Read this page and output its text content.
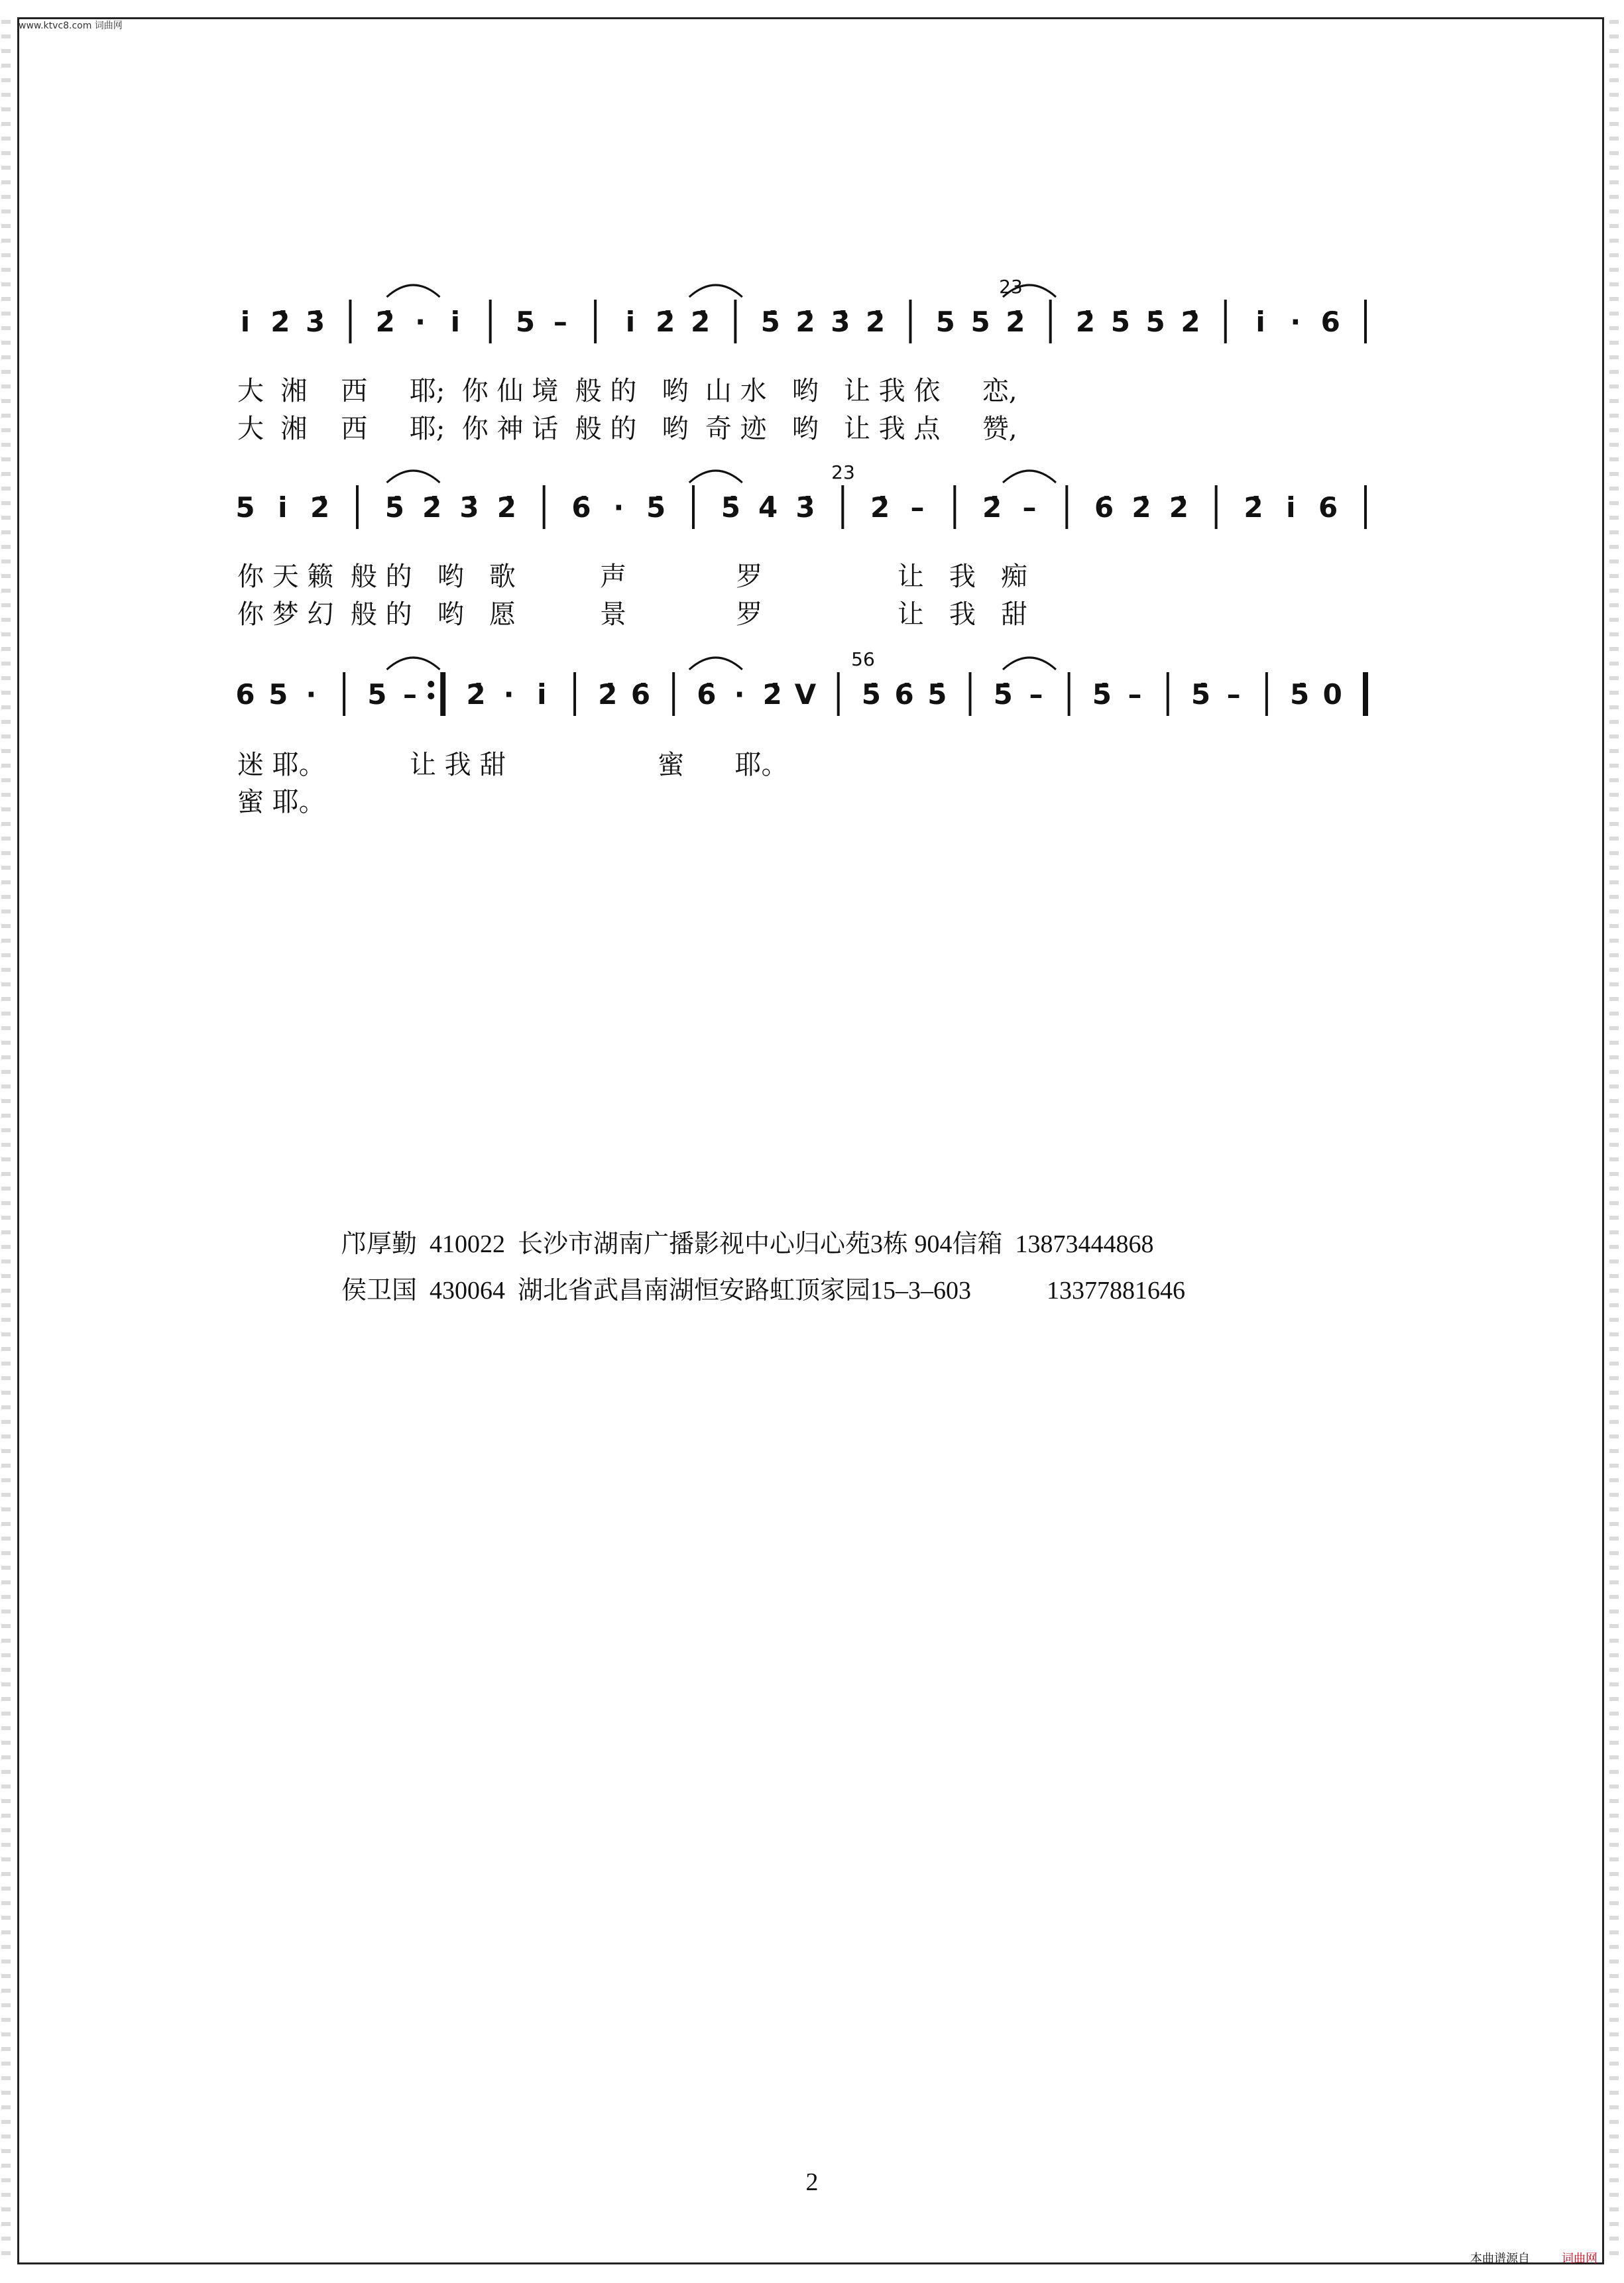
www.ktvc8.com 词曲网
i̇ 2̇ 3̇ 2̇ · i̇ 5 – i̇ 2̇ 2̇ 5̇ 2̇ 3̇ 2̇ 5 5 2̇ 2̇ 5̇ 5̇ 2̇ i̇ · 6
23
5 i̇ 2̇ 5̇ 2̇ 3̇ 2̇ 6̇ · 5̇ 5̇ 4̇ 3̇ 2̇ – 2̇ – 6̇ 2̇ 2̇ 2̇ i̇ 6
23
6 5 · 5 – 2̇ · i̇ 2̇ 6̇ 6̇ · 2̇ V 5̇ 6̇ 5̇ 5̇ – 5̇ – 5̇ – 5̇ 0
56
大  湘    西     耶;  你 仙 境  般 的   哟  山 水   哟   让 我 依     恋,
大  湘    西     耶;  你 神 话  般 的   哟  奇 迹   哟   让 我 点     赞,
你 天 籁  般 的   哟   歌          声             罗                让   我   痴
你 梦 幻  般 的   哟   愿          景             罗                让   我   甜
迷 耶。          让 我 甜                  蜜      耶。
蜜 耶。
邝厚勤  410022  长沙市湖南广播影视中心归心苑3栋 904信箱  13873444868
侯卫国  430064  湖北省武昌南湖恒安路虹顶家园15–3–603            13377881646
2
本曲谱源自	词曲网
